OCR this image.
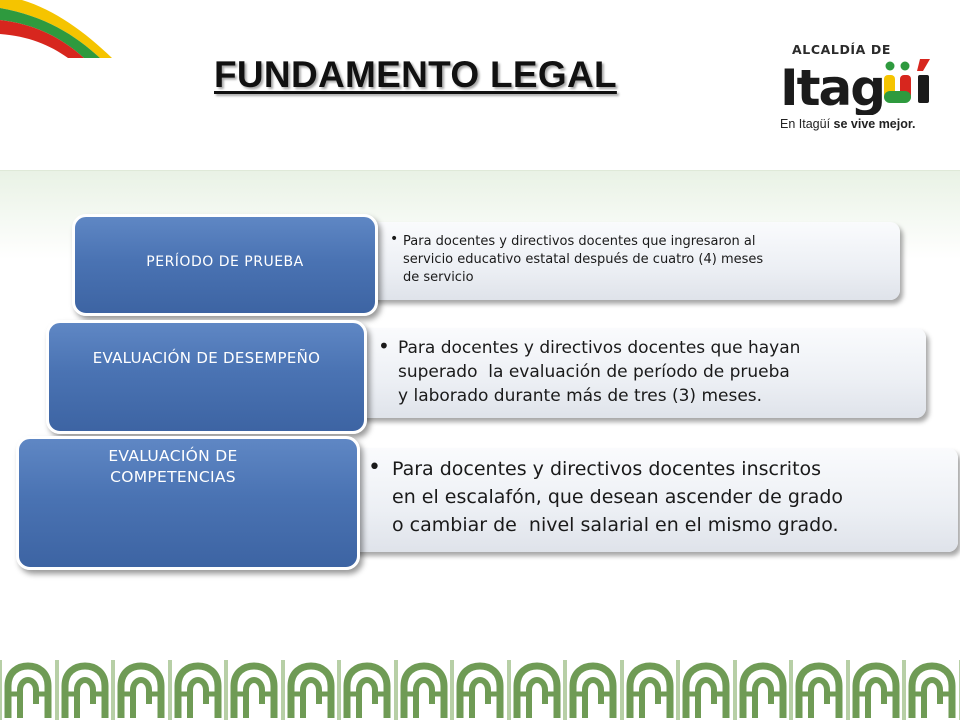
FUNDAMENTO LEGAL
ALCALDÍA DE
Itag
En Itagüí se vive mejor.
PERÍODO DE PRUEBA
• Para docentes y directivos docentes que ingresaron al
servicio educativo estatal después de cuatro (4) meses
de servicio
EVALUACIÓN DE DESEMPEÑO	• Para docentes y directivos docentes que hayan
superado  la evaluación de período de prueba
y laborado durante más de tres (3) meses.
EVALUACIÓN DE
COMPETENCIAS	• Para docentes y directivos docentes inscritos
en el escalafón, que desean ascender de grado
o cambiar de  nivel salarial en el mismo grado.
